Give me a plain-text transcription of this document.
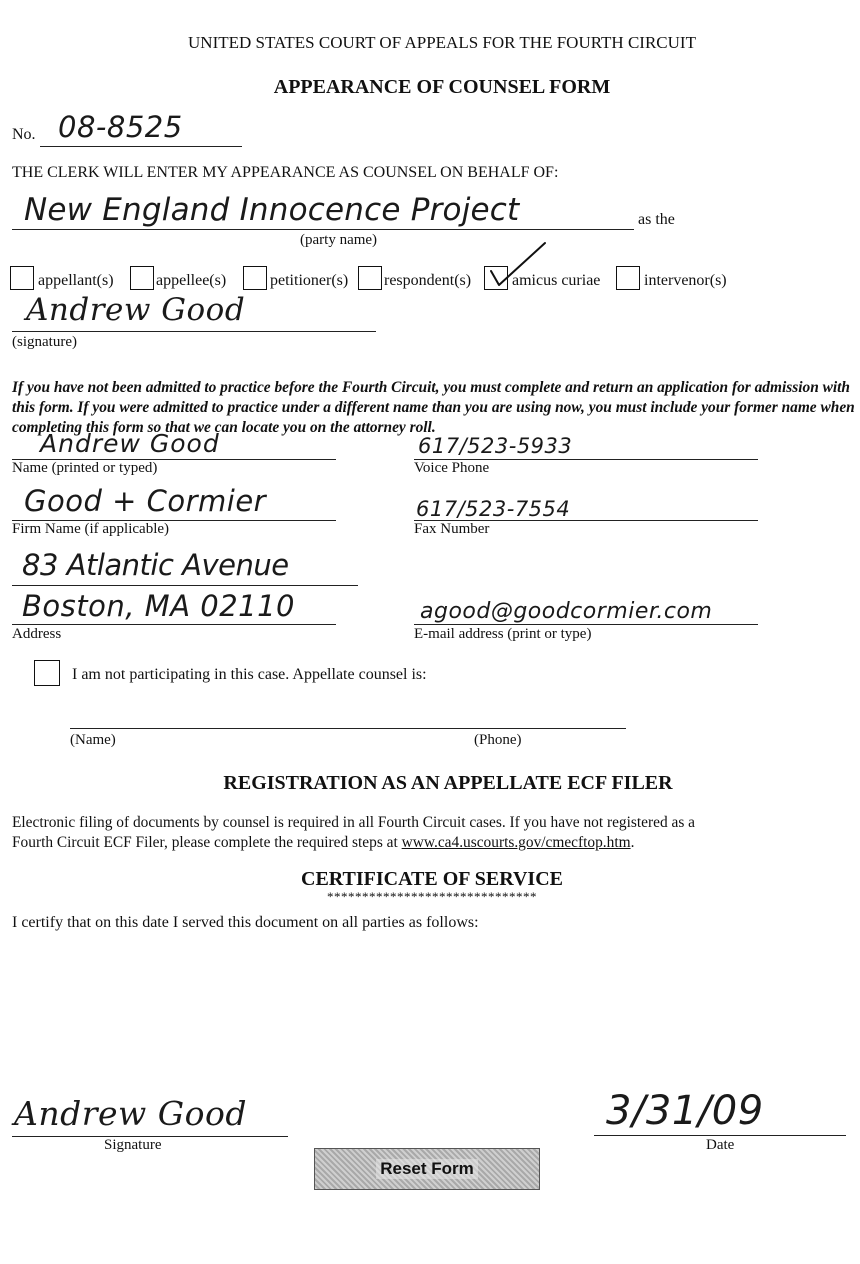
UNITED STATES COURT OF APPEALS FOR THE FOURTH CIRCUIT
APPEARANCE OF COUNSEL FORM
No. 08-8525
THE CLERK WILL ENTER MY APPEARANCE AS COUNSEL ON BEHALF OF:
New England Innocence Project	as the
(party name)
appellant(s)	appellee(s)	petitioner(s) respondent(s)	amicus curiae	intervenor(s)
Andrew Good
(signature)
If you have not been admitted to practice before the Fourth Circuit, you must complete and return an application for admission with this form. If you were admitted to practice under a different name than you are using now, you must include your former name when completing this form so that we can locate you on the attorney roll.
Andrew Good
Name (printed or typed)
617/523-5933
Voice Phone
Good + Cormier
Firm Name (if applicable)
617/523-7554
Fax Number
83 Atlantic Avenue
Boston, MA 02110
Address
agood@goodcormier.com
E-mail address (print or type)
I am not participating in this case. Appellate counsel is:
(Name)	(Phone)
REGISTRATION AS AN APPELLATE ECF FILER
Electronic filing of documents by counsel is required in all Fourth Circuit cases. If you have not registered as a
Fourth Circuit ECF Filer, please complete the required steps at www.ca4.uscourts.gov/cmecftop.htm.
CERTIFICATE OF SERVICE
******************************
I certify that on this date I served this document on all parties as follows:
Andrew Good
Signature
3/31/09
Date
Reset Form
